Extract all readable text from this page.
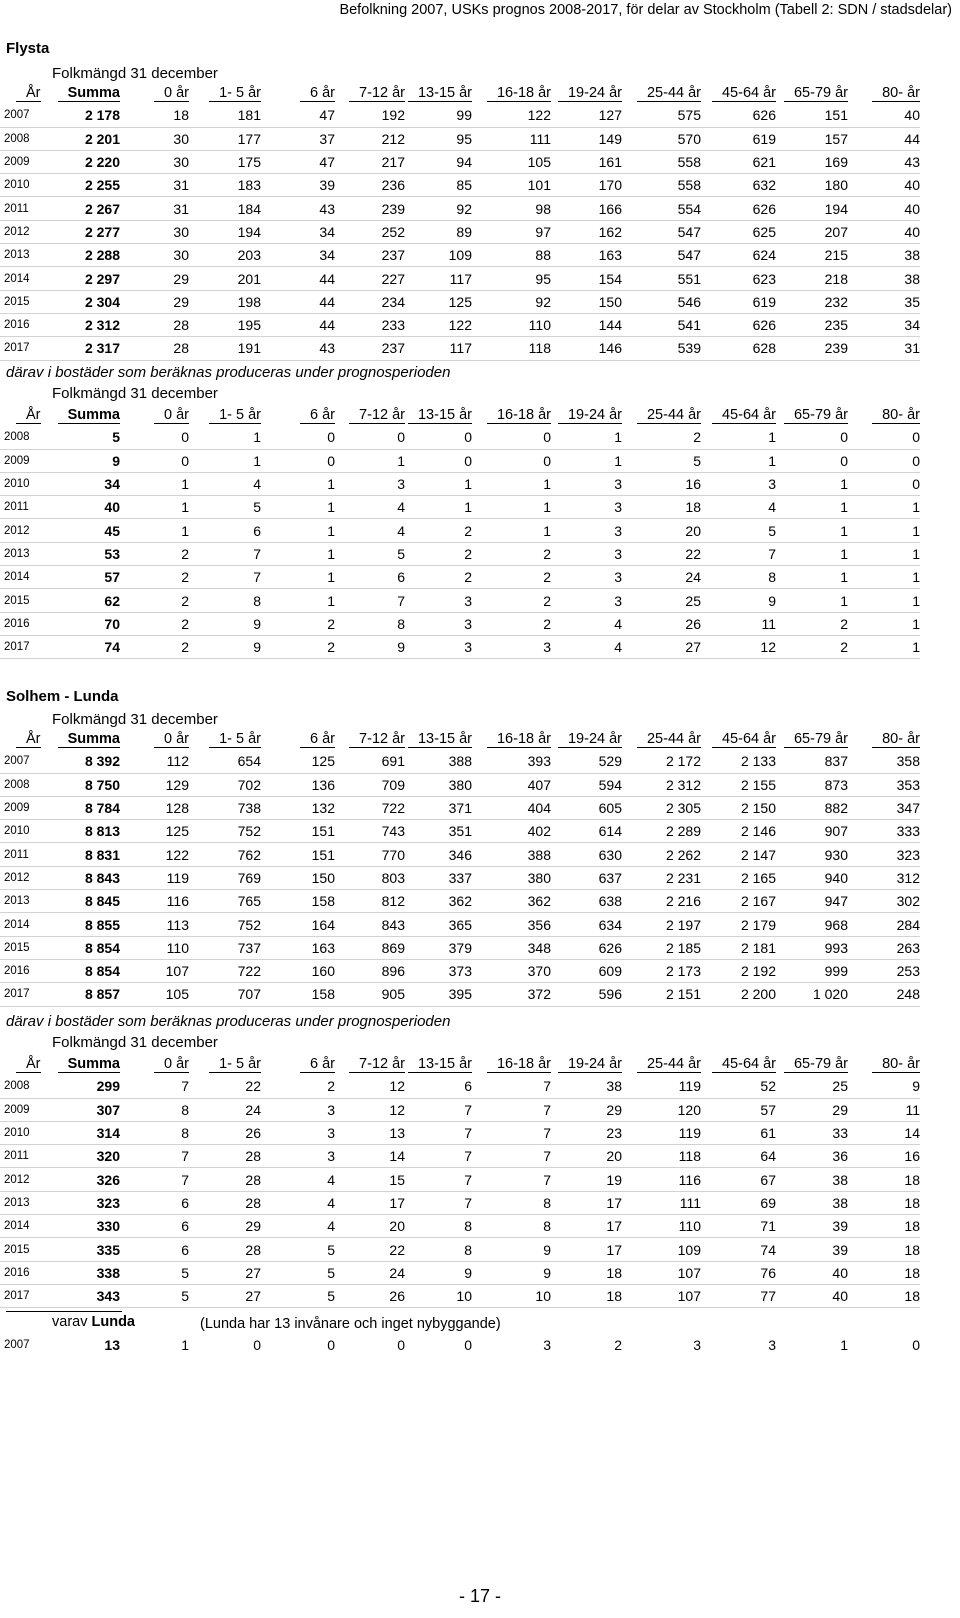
Befolkning 2007, USKs prognos 2008-2017, för delar av Stockholm (Tabell 2: SDN / stadsdelar)
Flysta
Folkmängd 31 december
År	Summa	0 år	1- 5 år	6 år	7-12 år	13-15 år	16-18 år	19-24 år	25-44 år	45-64 år	65-79 år	80- år
2007	2 178	18	181	47	192	99	122	127	575	626	151	40
2008	2 201	30	177	37	212	95	111	149	570	619	157	44
2009	2 220	30	175	47	217	94	105	161	558	621	169	43
2010	2 255	31	183	39	236	85	101	170	558	632	180	40
2011	2 267	31	184	43	239	92	98	166	554	626	194	40
2012	2 277	30	194	34	252	89	97	162	547	625	207	40
2013	2 288	30	203	34	237	109	88	163	547	624	215	38
2014	2 297	29	201	44	227	117	95	154	551	623	218	38
2015	2 304	29	198	44	234	125	92	150	546	619	232	35
2016	2 312	28	195	44	233	122	110	144	541	626	235	34
2017	2 317	28	191	43	237	117	118	146	539	628	239	31
därav i bostäder som beräknas produceras under prognosperioden
Folkmängd 31 december
År	Summa	0 år	1- 5 år	6 år	7-12 år	13-15 år	16-18 år	19-24 år	25-44 år	45-64 år	65-79 år	80- år
2008	5	0	1	0	0	0	0	1	2	1	0	0
2009	9	0	1	0	1	0	0	1	5	1	0	0
2010	34	1	4	1	3	1	1	3	16	3	1	0
2011	40	1	5	1	4	1	1	3	18	4	1	1
2012	45	1	6	1	4	2	1	3	20	5	1	1
2013	53	2	7	1	5	2	2	3	22	7	1	1
2014	57	2	7	1	6	2	2	3	24	8	1	1
2015	62	2	8	1	7	3	2	3	25	9	1	1
2016	70	2	9	2	8	3	2	4	26	11	2	1
2017	74	2	9	2	9	3	3	4	27	12	2	1
Solhem - Lunda
Folkmängd 31 december
År	Summa	0 år	1- 5 år	6 år	7-12 år	13-15 år	16-18 år	19-24 år	25-44 år	45-64 år	65-79 år	80- år
2007	8 392	112	654	125	691	388	393	529	2 172	2 133	837	358
2008	8 750	129	702	136	709	380	407	594	2 312	2 155	873	353
2009	8 784	128	738	132	722	371	404	605	2 305	2 150	882	347
2010	8 813	125	752	151	743	351	402	614	2 289	2 146	907	333
2011	8 831	122	762	151	770	346	388	630	2 262	2 147	930	323
2012	8 843	119	769	150	803	337	380	637	2 231	2 165	940	312
2013	8 845	116	765	158	812	362	362	638	2 216	2 167	947	302
2014	8 855	113	752	164	843	365	356	634	2 197	2 179	968	284
2015	8 854	110	737	163	869	379	348	626	2 185	2 181	993	263
2016	8 854	107	722	160	896	373	370	609	2 173	2 192	999	253
2017	8 857	105	707	158	905	395	372	596	2 151	2 200	1 020	248
därav i bostäder som beräknas produceras under prognosperioden
Folkmängd 31 december
År	Summa	0 år	1- 5 år	6 år	7-12 år	13-15 år	16-18 år	19-24 år	25-44 år	45-64 år	65-79 år	80- år
2008	299	7	22	2	12	6	7	38	119	52	25	9
2009	307	8	24	3	12	7	7	29	120	57	29	11
2010	314	8	26	3	13	7	7	23	119	61	33	14
2011	320	7	28	3	14	7	7	20	118	64	36	16
2012	326	7	28	4	15	7	7	19	116	67	38	18
2013	323	6	28	4	17	7	8	17	111	69	38	18
2014	330	6	29	4	20	8	8	17	110	71	39	18
2015	335	6	28	5	22	8	9	17	109	74	39	18
2016	338	5	27	5	24	9	9	18	107	76	40	18
2017	343	5	27	5	26	10	10	18	107	77	40	18
varav Lunda	(Lunda har 13 invånare och inget nybyggande)
2007	13	1	0	0	0	0	3	2	3	3	1	0
- 17 -
